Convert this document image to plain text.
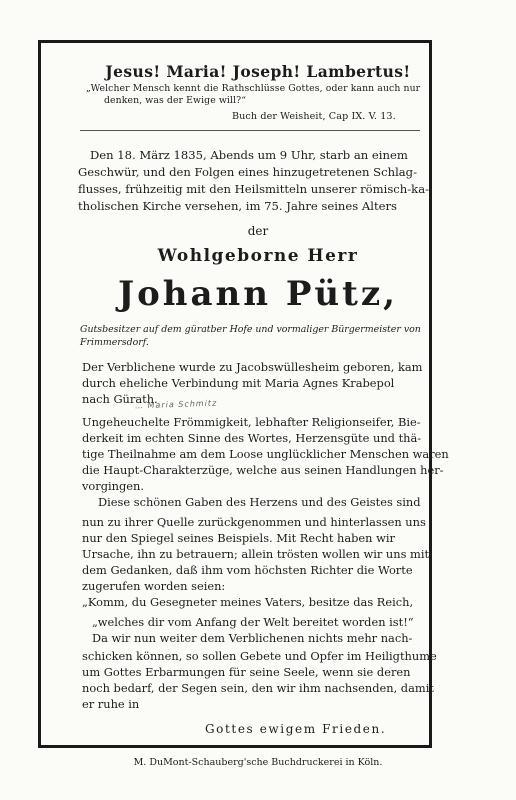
Jesus! Maria! Joseph! Lambertus!
„Welcher Mensch kennt die Rathschlüsse Gottes, oder kann auch nur
denken, was der Ewige will?“
Buch der Weisheit, Cap IX. V. 13.
Den 18. März 1835, Abends um 9 Uhr, starb an einem
Geschwür, und den Folgen eines hinzugetretenen Schlag-
flusses, frühzeitig mit den Heilsmitteln unserer römisch-ka-
tholischen Kirche versehen, im 75. Jahre seines Alters
der
Wohlgeborne Herr
Johann Pütz,
Gutsbesitzer auf dem güratber Hofe und vormaliger Bürgermeister von
Frimmersdorf.
Der Verblichene wurde zu Jacobswüllesheim geboren, kam
durch eheliche Verbindung mit Maria Agnes Krabepol
nach Gürath.
… Maria Schmitz
Ungeheuchelte Frömmigkeit, lebhafter Religionseifer, Bie-
derkeit im echten Sinne des Wortes, Herzensgüte und thä-
tige Theilnahme am dem Loose unglücklicher Menschen waren
die Haupt-Charakterzüge, welche aus seinen Handlungen her-
vorgingen.
Diese schönen Gaben des Herzens und des Geistes sind
nun zu ihrer Quelle zurückgenommen und hinterlassen uns
nur den Spiegel seines Beispiels. Mit Recht haben wir
Ursache, ihn zu betrauern; allein trösten wollen wir uns mit
dem Gedanken, daß ihm vom höchsten Richter die Worte
zugerufen worden seien:
„Komm, du Gesegneter meines Vaters, besitze das Reich,
„welches dir vom Anfang der Welt bereitet worden ist!“
Da wir nun weiter dem Verblichenen nichts mehr nach-
schicken können, so sollen Gebete und Opfer im Heiligthume
um Gottes Erbarmungen für seine Seele, wenn sie deren
noch bedarf, der Segen sein, den wir ihm nachsenden, damit
er ruhe in
Gottes ewigem Frieden.
M. DuMont-Schauberg'sche Buchdruckerei in Köln.
